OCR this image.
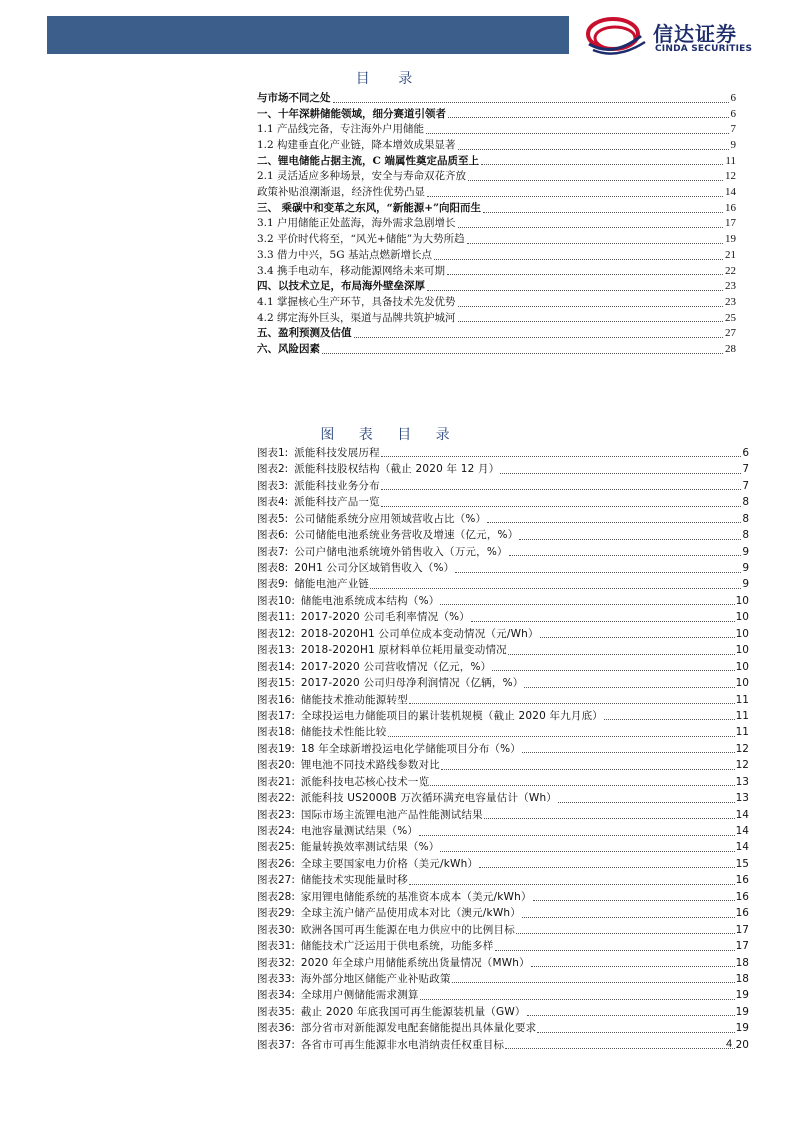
信达证券
CINDA SECURITIES
目 录
与市场不同之处	6
一、十年深耕储能领域，细分赛道引领者	6
1.1 产品线完备，专注海外户用储能	7
1.2 构建垂直化产业链，降本增效成果显著	9
二、锂电储能占据主流，C 端属性奠定品质至上	11
2.1 灵活适应多种场景，安全与寿命双花齐放	12
政策补贴浪潮渐退，经济性优势凸显	14
三、 乘碳中和变革之东风，“新能源+”向阳而生	16
3.1 户用储能正处蓝海，海外需求急剧增长	17
3.2 平价时代将至，“风光+储能”为大势所趋	19
3.3 借力中兴，5G 基站点燃新增长点	21
3.4 携手电动车，移动能源网络未来可期	22
四、以技术立足，布局海外壁垒深厚	23
4.1 掌握核心生产环节，具备技术先发优势	23
4.2 绑定海外巨头，渠道与品牌共筑护城河	25
五、盈利预测及估值	27
六、风险因素	28
图 表 目 录
图表 1: 派能科技发展历程	6
图表 2: 派能科技股权结构（截止 2020 年 12 月）	7
图表 3: 派能科技业务分布	7
图表 4: 派能科技产品一览	8
图表 5: 公司储能系统分应用领域营收占比（%）	8
图表 6: 公司储能电池系统业务营收及增速（亿元，%）	8
图表 7: 公司户储电池系统境外销售收入（万元，%）	9
图表 8: 20H1 公司分区域销售收入（%）	9
图表 9: 储能电池产业链	9
图表 10: 储能电池系统成本结构（%）	10
图表 11: 2017-2020 公司毛利率情况（%）	10
图表 12: 2018-2020H1 公司单位成本变动情况（元/Wh）	10
图表 13: 2018-2020H1 原材料单位耗用量变动情况	10
图表 14: 2017-2020 公司营收情况（亿元，%）	10
图表 15: 2017-2020 公司归母净利润情况（亿辆，%）	10
图表 16: 储能技术推动能源转型	11
图表 17: 全球投运电力储能项目的累计装机规模（截止 2020 年九月底）	11
图表 18: 储能技术性能比较	11
图表 19: 18 年全球新增投运电化学储能项目分布（%）	12
图表 20: 锂电池不同技术路线参数对比	12
图表 21: 派能科技电芯核心技术一览	13
图表 22: 派能科技 US2000B 万次循环满充电容量估计（Wh）	13
图表 23: 国际市场主流锂电池产品性能测试结果	14
图表 24: 电池容量测试结果（%）	14
图表 25: 能量转换效率测试结果（%）	14
图表 26: 全球主要国家电力价格（美元/kWh）	15
图表 27: 储能技术实现能量时移	16
图表 28: 家用锂电储能系统的基准资本成本（美元/kWh）	16
图表 29: 全球主流户储产品使用成本对比（澳元/kWh）	16
图表 30: 欧洲各国可再生能源在电力供应中的比例目标	17
图表 31: 储能技术广泛运用于供电系统，功能多样	17
图表 32: 2020 年全球户用储能系统出货量情况（MWh）	18
图表 33: 海外部分地区储能产业补贴政策	18
图表 34: 全球用户侧储能需求测算	19
图表 35: 截止 2020 年底我国可再生能源装机量（GW）	19
图表 36: 部分省市对新能源发电配套储能提出具体量化要求	19
图表 37: 各省市可再生能源非水电消纳责任权重目标	20
4
